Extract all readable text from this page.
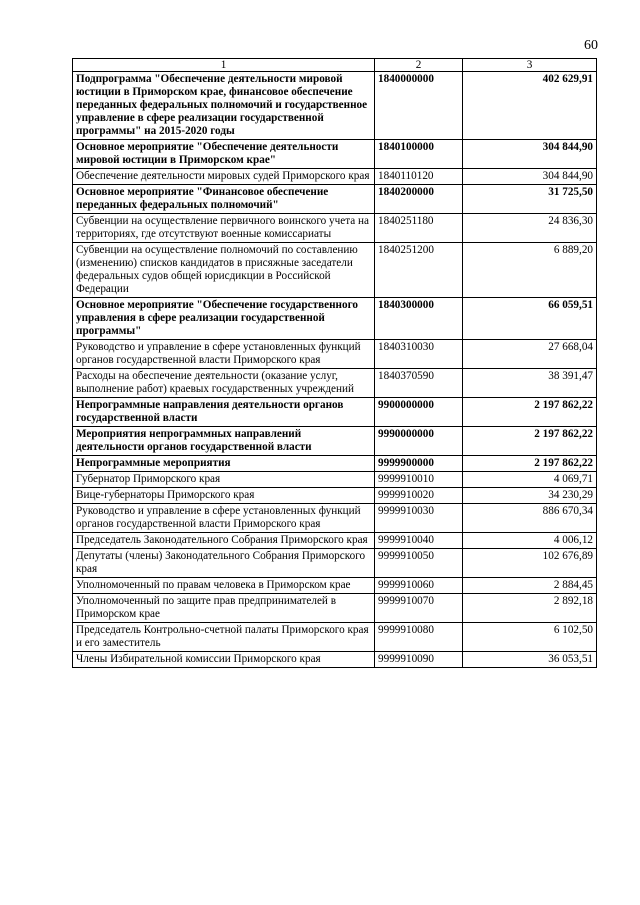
60
1	2	3
Подпрограмма "Обеспечение деятельности мировой юстиции в Приморском крае, финансовое обеспечение переданных федеральных полномочий и государственное управление в сфере реализации государственной программы" на 2015-2020 годы	1840000000	402 629,91
Основное мероприятие "Обеспечение деятельности мировой юстиции в Приморском крае"	1840100000	304 844,90
Обеспечение деятельности мировых судей Приморского края	1840110120	304 844,90
Основное мероприятие "Финансовое обеспечение переданных федеральных полномочий"	1840200000	31 725,50
Субвенции на осуществление первичного воинского учета на территориях, где отсутствуют военные комиссариаты	1840251180	24 836,30
Субвенции на осуществление полномочий по составлению (изменению) списков кандидатов в присяжные заседатели федеральных судов общей юрисдикции в Российской Федерации	1840251200	6 889,20
Основное мероприятие "Обеспечение государственного управления в сфере реализации государственной программы"	1840300000	66 059,51
Руководство и управление в сфере установленных функций органов государственной власти Приморского края	1840310030	27 668,04
Расходы на обеспечение деятельности (оказание услуг, выполнение работ) краевых государственных учреждений	1840370590	38 391,47
Непрограммные направления деятельности органов государственной власти	9900000000	2 197 862,22
Мероприятия непрограммных направлений деятельности органов государственной власти	9990000000	2 197 862,22
Непрограммные мероприятия	9999900000	2 197 862,22
Губернатор Приморского края	9999910010	4 069,71
Вице-губернаторы Приморского края	9999910020	34 230,29
Руководство и управление в сфере установленных функций органов государственной власти Приморского края	9999910030	886 670,34
Председатель Законодательного Собрания Приморского края	9999910040	4 006,12
Депутаты (члены) Законодательного Собрания Приморского края	9999910050	102 676,89
Уполномоченный по правам человека в Приморском крае	9999910060	2 884,45
Уполномоченный по защите прав предпринимателей в Приморском крае	9999910070	2 892,18
Председатель Контрольно-счетной палаты Приморского края и его заместитель	9999910080	6 102,50
Члены Избирательной комиссии Приморского края	9999910090	36 053,51
